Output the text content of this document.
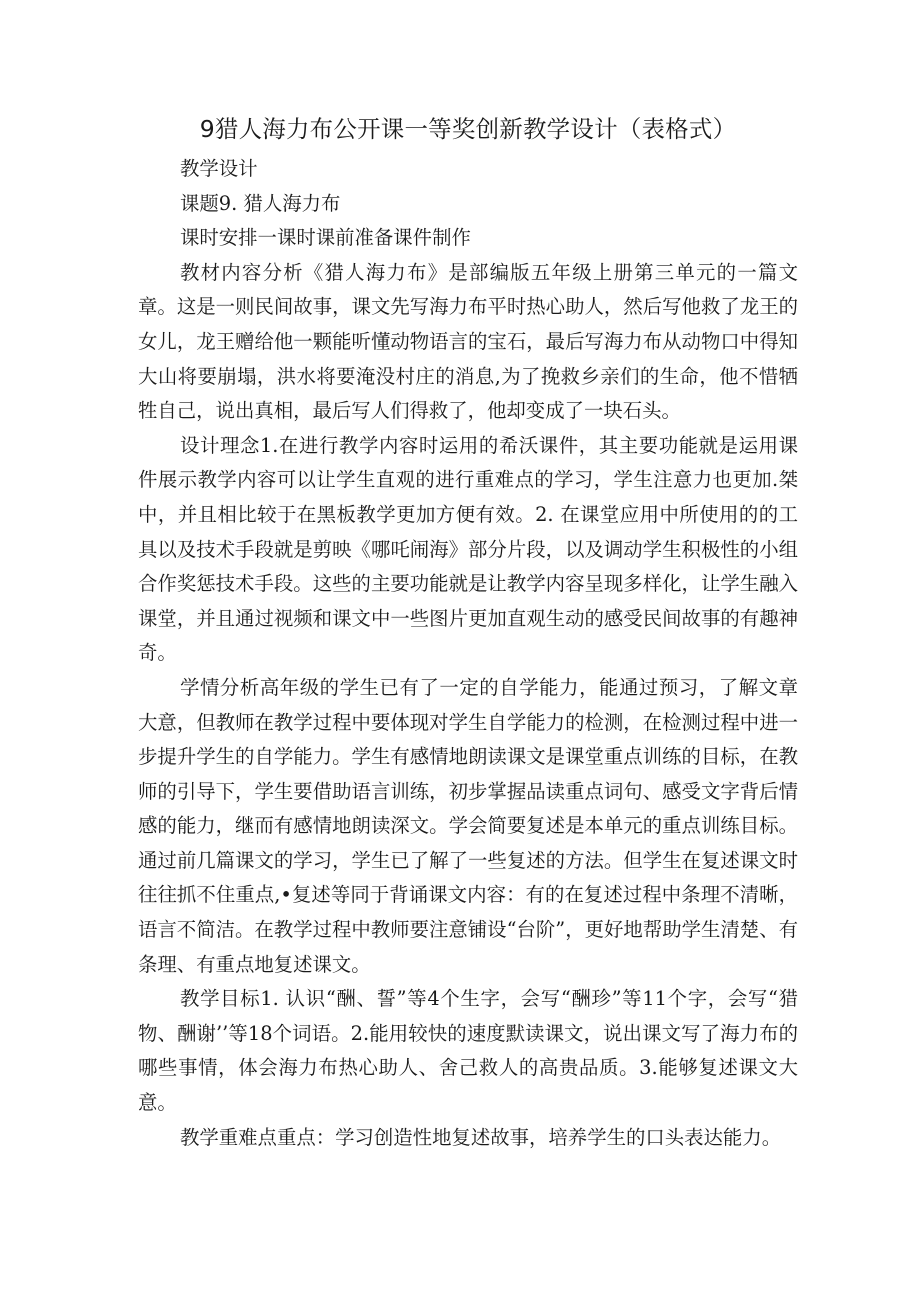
9猎人海力布公开课一等奖创新教学设计（表格式）

教学设计

课题9. 猎人海力布

课时安排一课时课前准备课件制作

教材内容分析《猎人海力布》是部编版五年级上册第三单元的一篇文章。这是一则民间故事，课文先写海力布平时热心助人，然后写他救了龙王的女儿，龙王赠给他一颗能听懂动物语言的宝石，最后写海力布从动物口中得知大山将要崩塌，洪水将要淹没村庄的消息,为了挽救乡亲们的生命，他不惜牺牲自己，说出真相，最后写人们得救了，他却变成了一块石头。

设计理念1.在进行教学内容时运用的希沃课件，其主要功能就是运用课件展示教学内容可以让学生直观的进行重难点的学习，学生注意力也更加.桀中，并且相比较于在黑板教学更加方便有效。2. 在课堂应用中所使用的的工具以及技术手段就是剪映《哪吒闹海》部分片段，以及调动学生积极性的小组合作奖惩技术手段。这些的主要功能就是让教学内容呈现多样化，让学生融入课堂，并且通过视频和课文中一些图片更加直观生动的感受民间故事的有趣神奇。

学情分析高年级的学生已有了一定的自学能力，能通过预习，了解文章大意，但教师在教学过程中要体现对学生自学能力的检测，在检测过程中进一步提升学生的自学能力。学生有感情地朗读课文是课堂重点训练的目标，在教师的引导下，学生要借助语言训练，初步掌握品读重点词句、感受文字背后情感的能力，继而有感情地朗读深文。学会简要复述是本单元的重点训练目标。通过前几篇课文的学习，学生已了解了一些复述的方法。但学生在复述课文时往往抓不住重点,•复述等同于背诵课文内容：有的在复述过程中条理不清晰，语言不简洁。在教学过程中教师要注意铺设“台阶”，更好地帮助学生清楚、有条理、有重点地复述课文。

教学目标1. 认识“酬、誓”等4个生字，会写“酬珍”等11个字，会写“猎物、酬谢’’等18个词语。2.能用较快的速度默读课文，说出课文写了海力布的哪些事情，体会海力布热心助人、舍己救人的高贵品质。3.能够复述课文大意。

教学重难点重点：学习创造性地复述故事，培养学生的口头表达能力。
